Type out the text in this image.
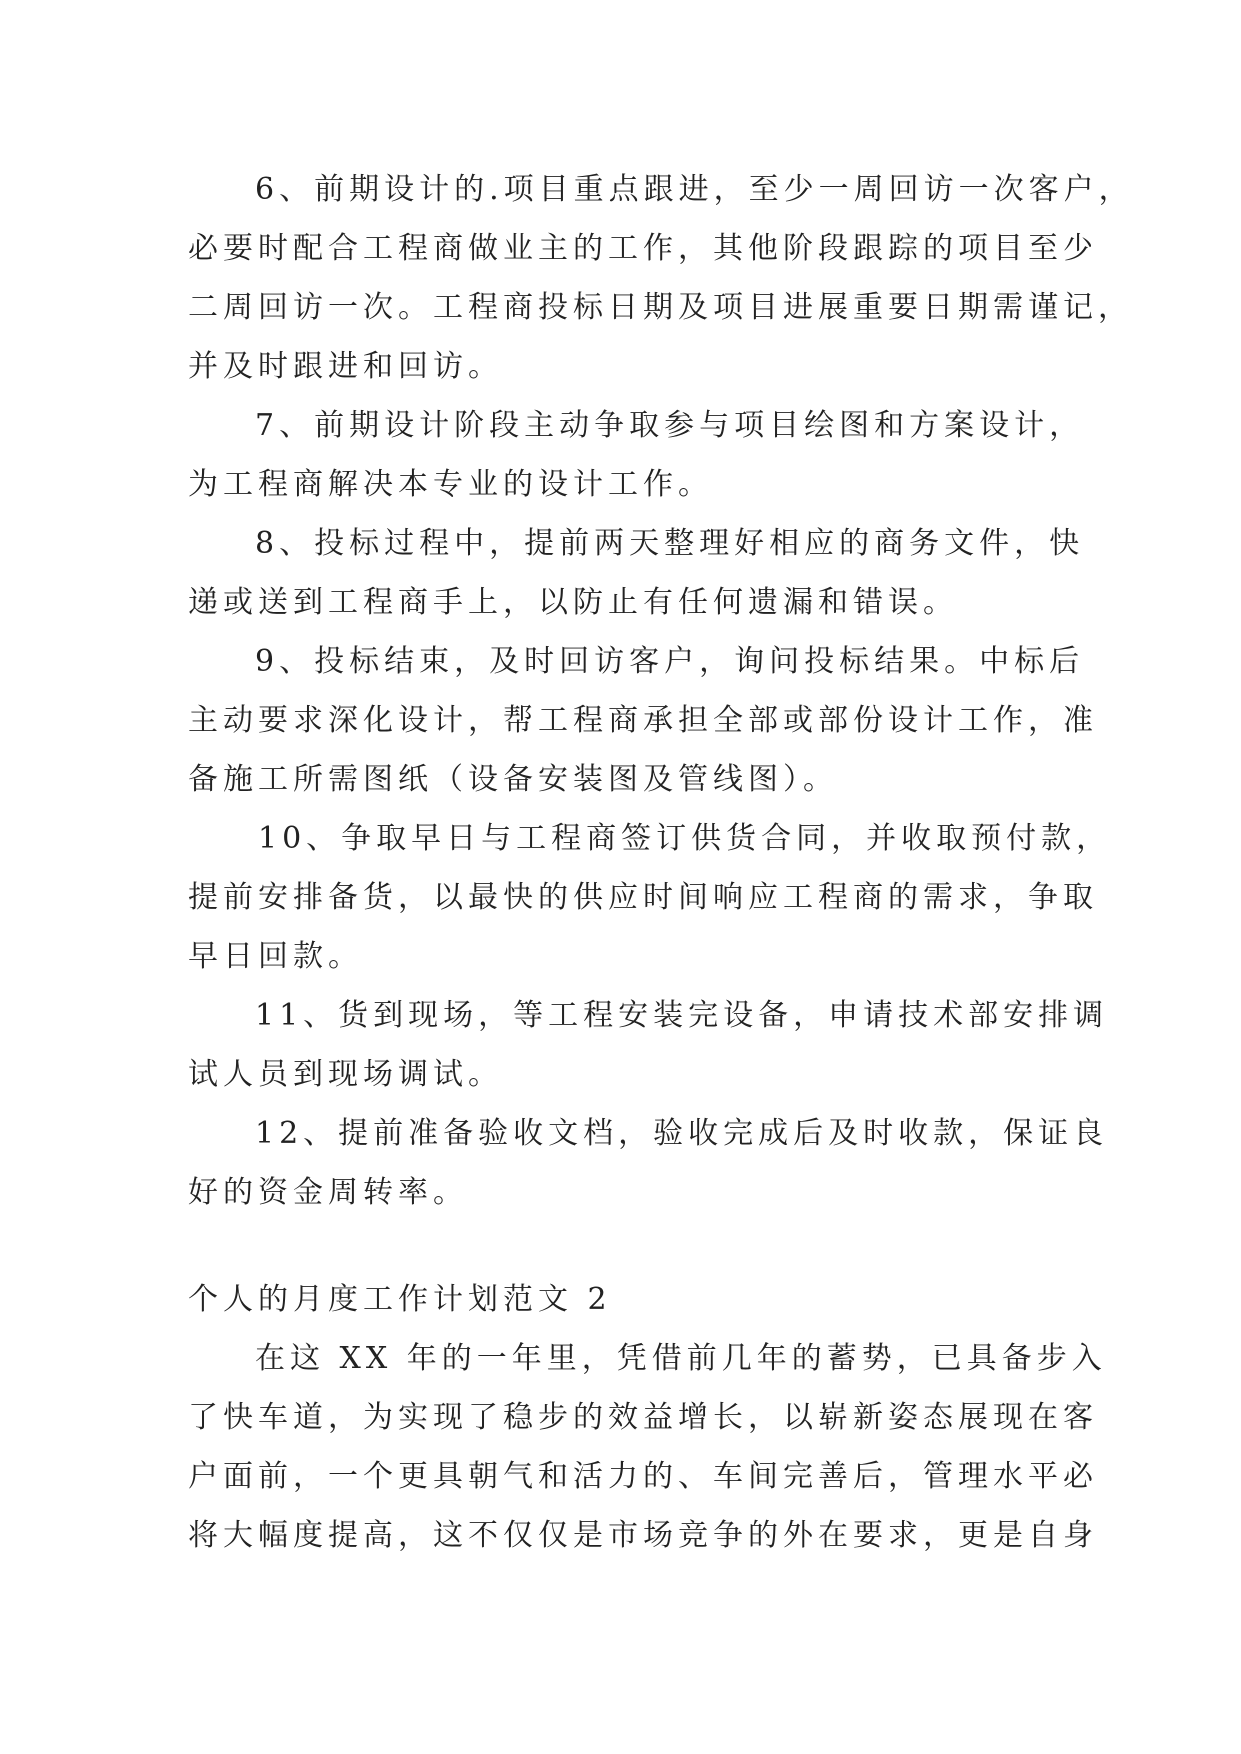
6、前期设计的.项目重点跟进，至少一周回访一次客户，
必要时配合工程商做业主的工作，其他阶段跟踪的项目至少
二周回访一次。工程商投标日期及项目进展重要日期需谨记，
并及时跟进和回访。
7、前期设计阶段主动争取参与项目绘图和方案设计，
为工程商解决本专业的设计工作。
8、投标过程中，提前两天整理好相应的商务文件，快
递或送到工程商手上，以防止有任何遗漏和错误。
9、投标结束，及时回访客户，询问投标结果。中标后
主动要求深化设计，帮工程商承担全部或部份设计工作，准
备施工所需图纸（设备安装图及管线图）。
10、争取早日与工程商签订供货合同，并收取预付款，
提前安排备货，以最快的供应时间响应工程商的需求，争取
早日回款。
11、货到现场，等工程安装完设备，申请技术部安排调
试人员到现场调试。
12、提前准备验收文档，验收完成后及时收款，保证良
好的资金周转率。
个人的月度工作计划范文 2
在这 XX 年的一年里，凭借前几年的蓄势，已具备步入
了快车道，为实现了稳步的效益增长，以崭新姿态展现在客
户面前，一个更具朝气和活力的、车间完善后，管理水平必
将大幅度提高，这不仅仅是市场竞争的外在要求，更是自身
